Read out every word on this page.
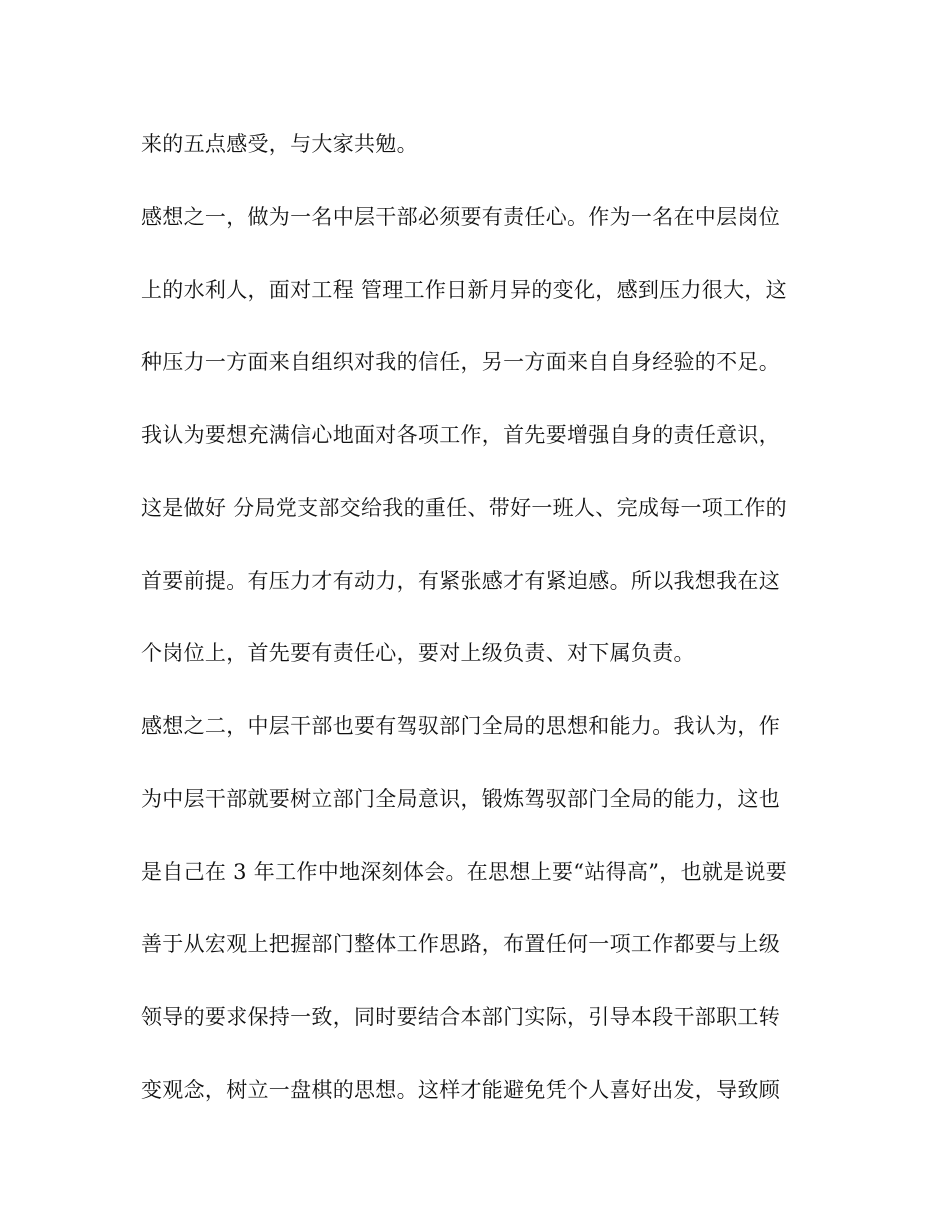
来的五点感受，与大家共勉。
感想之一，做为一名中层干部必须要有责任心。作为一名在中层岗位
上的水利人，面对工程 管理工作日新月异的变化，感到压力很大，这
种压力一方面来自组织对我的信任，另一方面来自自身经验的不足。
我认为要想充满信心地面对各项工作，首先要增强自身的责任意识，
这是做好 分局党支部交给我的重任、带好一班人、完成每一项工作的
首要前提。有压力才有动力，有紧张感才有紧迫感。所以我想我在这
个岗位上，首先要有责任心，要对上级负责、对下属负责。
感想之二，中层干部也要有驾驭部门全局的思想和能力。我认为，作
为中层干部就要树立部门全局意识，锻炼驾驭部门全局的能力，这也
是自己在 3 年工作中地深刻体会。在思想上要“站得高”，也就是说要
善于从宏观上把握部门整体工作思路，布置任何一项工作都要与上级
领导的要求保持一致，同时要结合本部门实际，引导本段干部职工转
变观念，树立一盘棋的思想。这样才能避免凭个人喜好出发，导致顾
